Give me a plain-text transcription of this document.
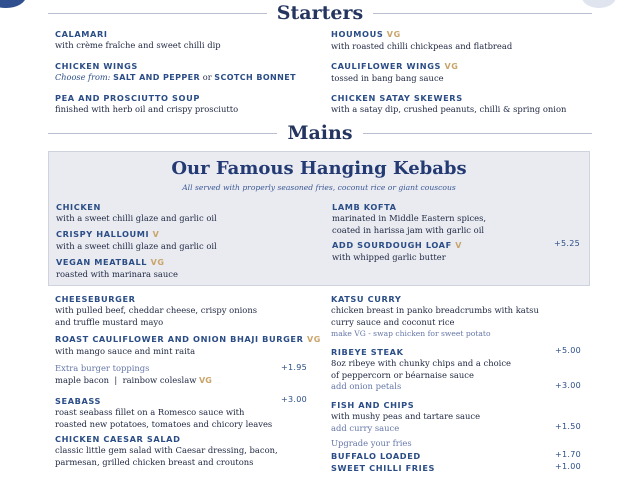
Starters
CALAMARI
with crème fraîche and sweet chilli dip
CHICKEN WINGS
Choose from: SALT AND PEPPER or SCOTCH BONNET
PEA AND PROSCIUTTO SOUP
finished with herb oil and crispy prosciutto
HOUMOUS VG
with roasted chilli chickpeas and flatbread
CAULIFLOWER WINGS VG
tossed in bang bang sauce
CHICKEN SATAY SKEWERS
with a satay dip, crushed peanuts, chilli & spring onion
Mains
Our Famous Hanging Kebabs
All served with properly seasoned fries, coconut rice or giant couscous
CHICKEN
with a sweet chilli glaze and garlic oil
CRISPY HALLOUMI V
with a sweet chilli glaze and garlic oil
VEGAN MEATBALL VG
roasted with marinara sauce
LAMB KOFTA
marinated in Middle Eastern spices,
coated in harissa jam with garlic oil
ADD SOURDOUGH LOAF V
with whipped garlic butter
+5.25
CHEESEBURGER
with pulled beef, cheddar cheese, crispy onions
and truffle mustard mayo
ROAST CAULIFLOWER AND ONION BHAJI BURGER VG
with mango sauce and mint raita
Extra burger toppings
maple bacon | rainbow coleslaw VG
+1.95
SEABASS
roast seabass fillet on a Romesco sauce with
roasted new potatoes, tomatoes and chicory leaves
+3.00
CHICKEN CAESAR SALAD
classic little gem salad with Caesar dressing, bacon,
parmesan, grilled chicken breast and croutons
KATSU CURRY
chicken breast in panko breadcrumbs with katsu
curry sauce and coconut rice
make VG - swap chicken for sweet potato
RIBEYE STEAK
8oz ribeye with chunky chips and a choice
of peppercorn or béarnaise sauce
add onion petals
+5.00
+3.00
FISH AND CHIPS
with mushy peas and tartare sauce
add curry sauce	+1.50
Upgrade your fries
BUFFALO LOADED
SWEET CHILLI FRIES
+1.70
+1.00
